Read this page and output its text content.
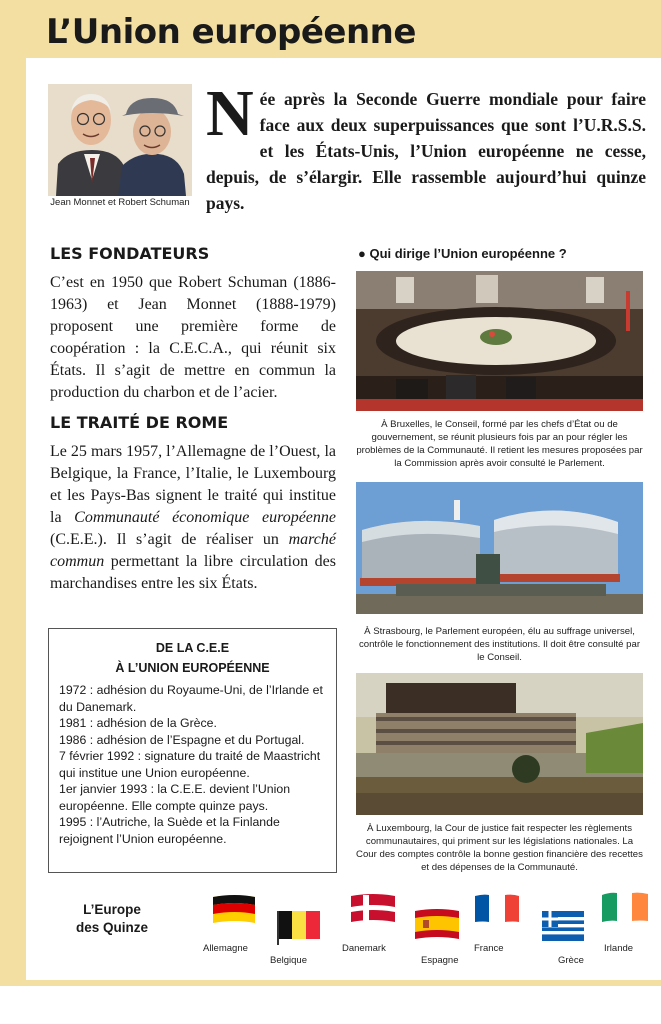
L’Union européenne
Jean Monnet et Robert Schuman
Née après la Seconde Guerre mondiale pour faire face aux deux superpuissances que sont l’U.R.S.S. et les États-Unis, l’Union européenne ne cesse, depuis, de s’élargir. Elle rassemble aujourd’hui quinze pays.
LES FONDATEURS
C’est en 1950 que Robert Schuman (1886-1963) et Jean Monnet (1888-1979) proposent une première forme de coopération : la C.E.C.A., qui réunit six États. Il s’agit de mettre en commun la production du charbon et de l’acier.
LE TRAITÉ DE ROME
Le 25 mars 1957, l’Allemagne de l’Ouest, la Belgique, la France, l’Italie, le Luxembourg et les Pays-Bas signent le traité qui institue la Communauté économique européenne (C.E.E.). Il s’agit de réaliser un marché commun permettant la libre circulation des marchandises entre les six États.
DE LA C.E.E
À L’UNION EUROPÉENNE

1972 : adhésion du Royaume-Uni, de l’Irlande et du Danemark.

1981 : adhésion de la Grèce.

1986 : adhésion de l’Espagne et du Portugal.

7 février 1992 : signature du traité de Maastricht qui institue une Union européenne.

1er janvier 1993 : la C.E.E. devient l’Union européenne. Elle compte quinze pays.

1995 : l’Autriche, la Suède et la Finlande rejoignent l’Union européenne.

● Qui dirige l’Union européenne ?
À Bruxelles, le Conseil, formé par les chefs d’État ou de gouvernement, se réunit plusieurs fois par an pour régler les problèmes de la Communauté. Il retient les mesures proposées par la Commission après avoir consulté le Parlement.
À Strasbourg, le Parlement européen, élu au suffrage universel, contrôle le fonctionnement des institutions. Il doit être consulté par le Conseil.
À Luxembourg, la Cour de justice fait respecter les règlements communautaires, qui priment sur les législations nationales. La Cour des comptes contrôle la bonne gestion financière des recettes et des dépenses de la Communauté.
L’Europe
des Quinze
Allemagne
Belgique
Danemark
Espagne
France
Grèce
Irlande
